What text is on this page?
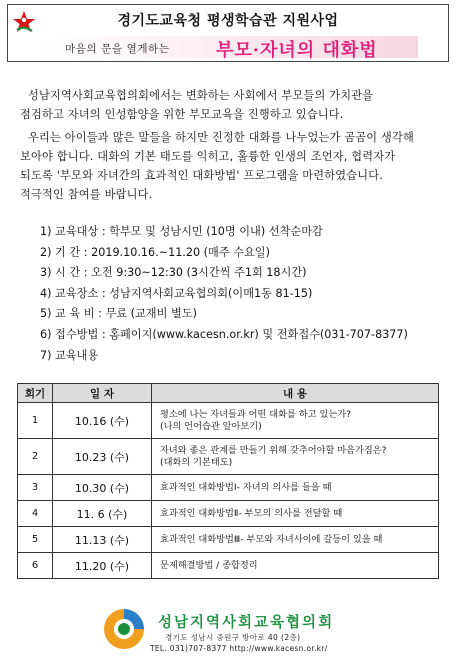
경기도교육청 평생학습관 지원사업
마음의 문을 열게하는	부모·자녀의 대화법
성남지역사회교육협의회에서는 변화하는 사회에서 부모들의 가치관을
점검하고 자녀의 인성함양을 위한 부모교육을 진행하고 있습니다.
우리는 아이들과 많은 말들을 하지만 진정한 대화를 나누었는가 곰곰이 생각해
보아야 합니다. 대화의 기본 태도를 익히고, 훌륭한 인생의 조언자, 협력자가
되도록 '부모와 자녀간의 효과적인 대화방법' 프로그램을 마련하였습니다.
적극적인 참여를 바랍니다.
1) 교육대상 : 학부모 및 성남시민 (10명 이내) 선착순마감
2) 기 간 : 2019.10.16.~11.20 (매주 수요일)
3) 시 간 : 오전 9:30~12:30 (3시간씩 주1회 18시간)
4) 교육장소 : 성남지역사회교육협의회(이매1동 81-15)
5) 교 육 비 : 무료 (교재비 별도)
6) 접수방법 : 홈페이지(www.kacesn.or.kr) 및 전화접수(031-707-8377)
7) 교육내용
회기	일 자	내 용
1	10.16 (수)	평소에 나는 자녀들과 어떤 대화를 하고 있는가?
(나의 언어습관 알아보기)

2	10.23 (수)	자녀와 좋은 관계를 만들기 위해 갖추어야할 마음가짐은?
(대화의 기본태도)

3	10.30 (수)	효과적인 대화방법Ⅰ- 자녀의 의사를 들을 때

4	11. 6 (수)	효과적인 대화방법Ⅱ- 부모의 의사를 전달할 때

5	11.13 (수)	효과적인 대화방법Ⅲ- 부모와 자녀사이에 갈등이 있을 때

6	11.20 (수)	문제해결방법 / 종합정리
성남지역사회교육협의회
경기도 성남시 중원구 방아로 40 (2층)
TEL. 031)707-8377 http://www.kacesn.or.kr/
